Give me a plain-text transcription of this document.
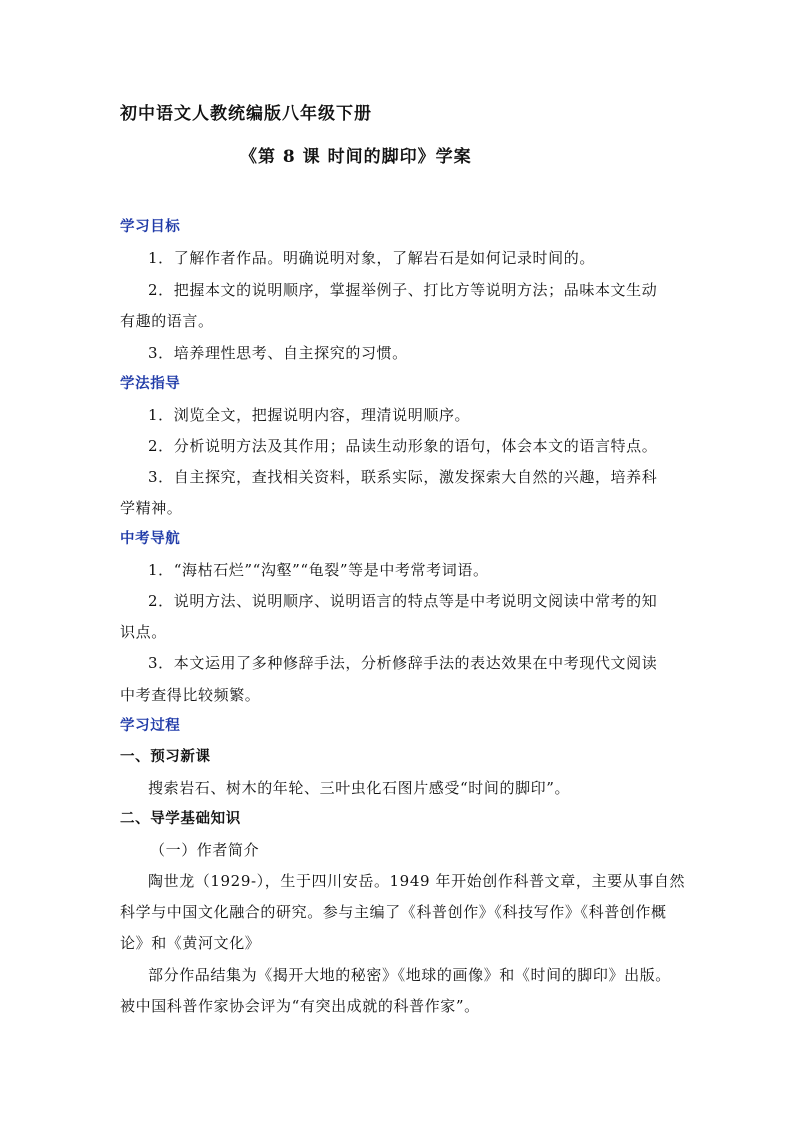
初中语文人教统编版八年级下册
《第 8 课 时间的脚印》学案
学习目标
1．了解作者作品。明确说明对象，了解岩石是如何记录时间的。
2．把握本文的说明顺序，掌握举例子、打比方等说明方法；品味本文生动
有趣的语言。
3．培养理性思考、自主探究的习惯。
学法指导
1．浏览全文，把握说明内容，理清说明顺序。
2．分析说明方法及其作用；品读生动形象的语句，体会本文的语言特点。
3．自主探究，查找相关资料，联系实际，激发探索大自然的兴趣，培养科
学精神。
中考导航
1．“海枯石烂”“沟壑”“龟裂”等是中考常考词语。
2．说明方法、说明顺序、说明语言的特点等是中考说明文阅读中常考的知
识点。
3．本文运用了多种修辞手法，分析修辞手法的表达效果在中考现代文阅读
中考查得比较频繁。
学习过程
一、预习新课
搜索岩石、树木的年轮、三叶虫化石图片感受“时间的脚印”。
二、导学基础知识
（一）作者简介
陶世龙（1929-），生于四川安岳。1949 年开始创作科普文章，主要从事自然
科学与中国文化融合的研究。参与主编了《科普创作》《科技写作》《科普创作概
论》和《黄河文化》
部分作品结集为《揭开大地的秘密》《地球的画像》和《时间的脚印》出版。
被中国科普作家协会评为“有突出成就的科普作家”。
